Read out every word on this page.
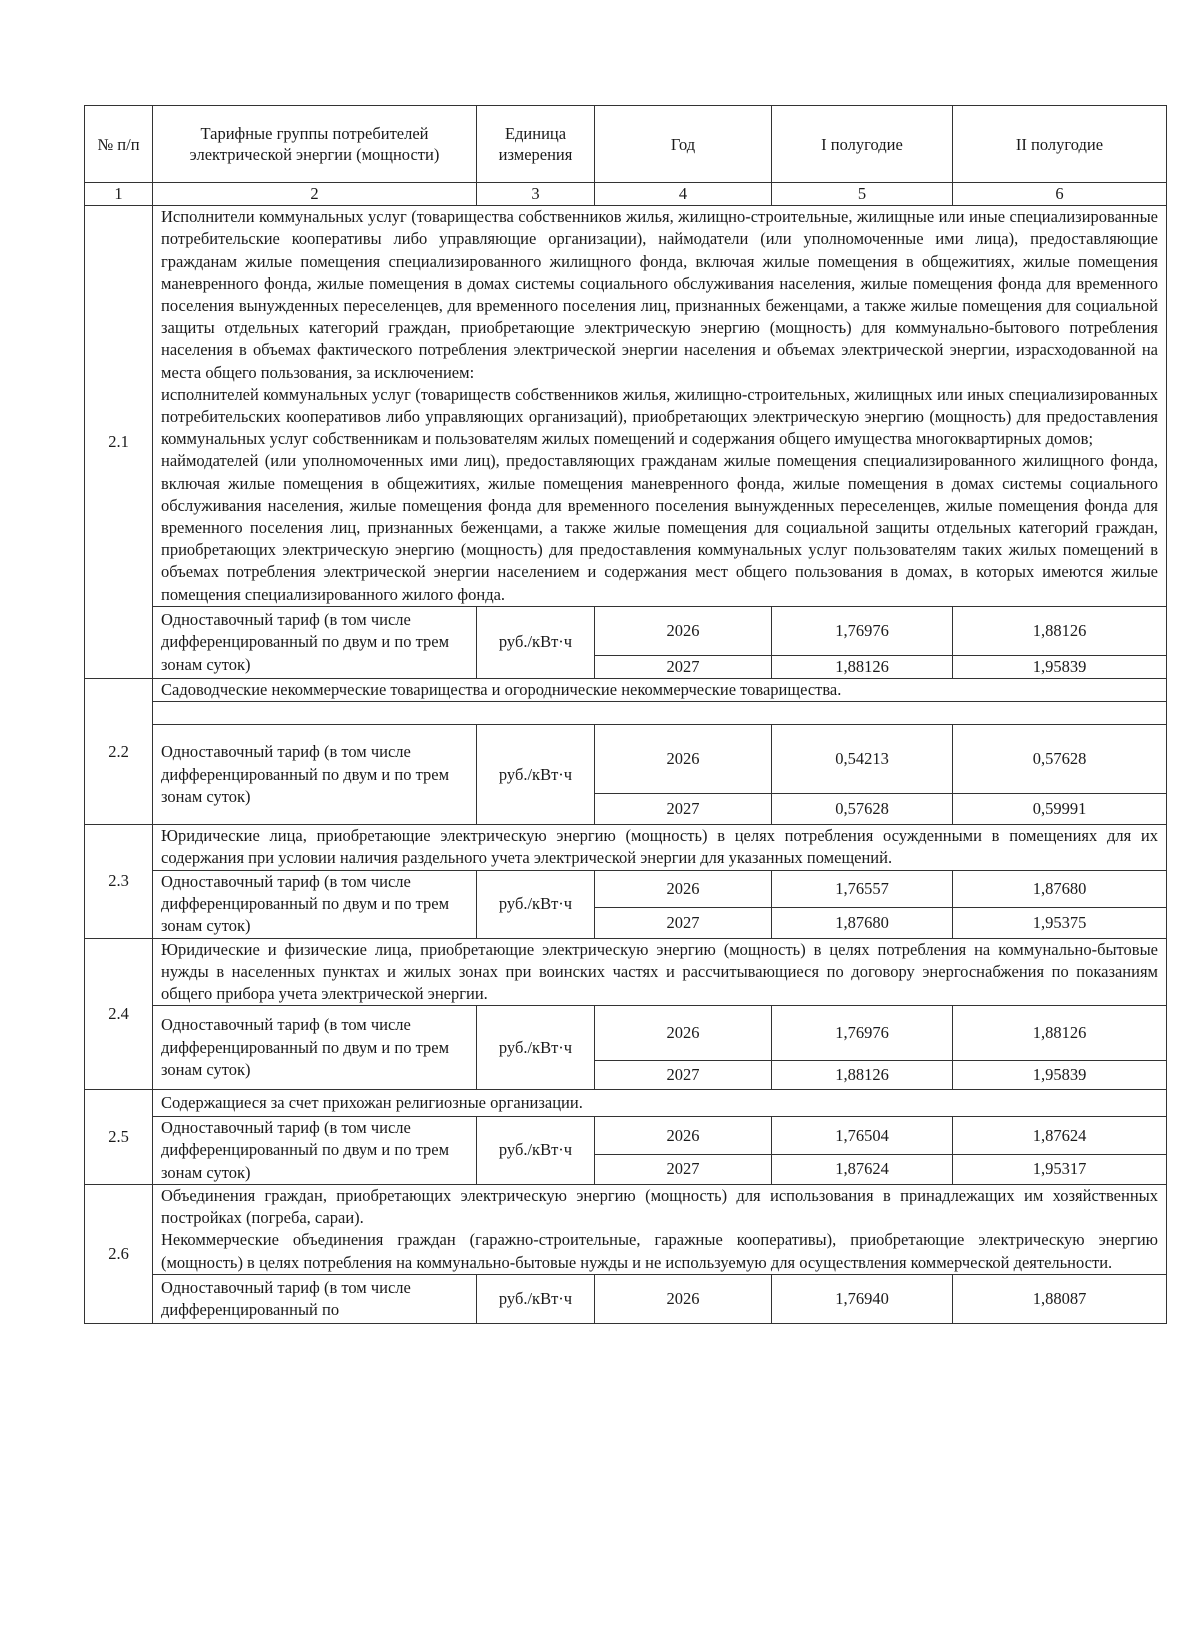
№ п/п	Тарифные группы потребителей электрической энергии (мощности)	Единица измерения	Год	I полугодие	II полугодие
1	2	3	4	5	6
2.1	Исполнители коммунальных услуг (товарищества собственников жилья, жилищно-строительные, жилищные или иные специализированные потребительские кооперативы либо управляющие организации), наймодатели (или уполномоченные ими лица), предоставляющие гражданам жилые помещения специализированного жилищного фонда, включая жилые помещения в общежитиях, жилые помещения маневренного фонда, жилые помещения в домах системы социального обслуживания населения, жилые помещения фонда для временного поселения вынужденных переселенцев, для временного поселения лиц, признанных беженцами, а также жилые помещения для социальной защиты отдельных категорий граждан, приобретающие электрическую энергию (мощность) для коммунально-бытового потребления населения в объемах фактического потребления электрической энергии населения и объемах электрической энергии, израсходованной на места общего пользования, за исключением:

исполнителей коммунальных услуг (товариществ собственников жилья, жилищно-строительных, жилищных или иных специализированных потребительских кооперативов либо управляющих организаций), приобретающих электрическую энергию (мощность) для предоставления коммунальных услуг собственникам и пользователям жилых помещений и содержания общего имущества многоквартирных домов;

наймодателей (или уполномоченных ими лиц), предоставляющих гражданам жилые помещения специализированного жилищного фонда, включая жилые помещения в общежитиях, жилые помещения маневренного фонда, жилые помещения в домах системы социального обслуживания населения, жилые помещения фонда для временного поселения вынужденных переселенцев, жилые помещения фонда для временного поселения лиц, признанных беженцами, а также жилые помещения для социальной защиты отдельных категорий граждан, приобретающих электрическую энергию (мощность) для предоставления коммунальных услуг пользователям таких жилых помещений в объемах потребления электрической энергии населением и содержания мест общего пользования в домах, в которых имеются жилые помещения специализированного жилого фонда.				

	Одноставочный тариф (в том числе дифференцированный по двум и по трем зонам суток)	руб./кВт·ч	2026	1,76976	1,88126
			2027	1,88126	1,95839
2.2	Садоводческие некоммерческие товарищества и огороднические некоммерческие товарищества.				

	Одноставочный тариф (в том числе дифференцированный по двум и по трем зонам суток)	руб./кВт·ч	2026	0,54213	0,57628
			2027	0,57628	0,59991
2.3	Юридические лица, приобретающие электрическую энергию (мощность) в целях потребления осужденными в помещениях для их содержания при условии наличия раздельного учета электрической энергии для указанных помещений.				

	Одноставочный тариф (в том числе дифференцированный по двум и по трем зонам суток)	руб./кВт·ч	2026	1,76557	1,87680
			2027	1,87680	1,95375
2.4	Юридические и физические лица, приобретающие электрическую энергию (мощность) в целях потребления на коммунально-бытовые нужды в населенных пунктах и жилых зонах при воинских частях и рассчитывающиеся по договору энергоснабжения по показаниям общего прибора учета электрической энергии.				

	Одноставочный тариф (в том числе дифференцированный по двум и по трем зонам суток)	руб./кВт·ч	2026	1,76976	1,88126
			2027	1,88126	1,95839
2.5	Содержащиеся за счет прихожан религиозные организации.				

	Одноставочный тариф (в том числе дифференцированный по двум и по трем зонам суток)	руб./кВт·ч	2026	1,76504	1,87624
			2027	1,87624	1,95317
2.6	Объединения граждан, приобретающих электрическую энергию (мощность) для использования в принадлежащих им хозяйственных постройках (погреба, сараи).

Некоммерческие объединения граждан (гаражно-строительные, гаражные кооперативы), приобретающие электрическую энергию (мощность) в целях потребления на коммунально-бытовые нужды и не используемую для осуществления коммерческой деятельности.				

	Одноставочный тариф (в том числе дифференцированный по	руб./кВт·ч	2026	1,76940	1,88087
